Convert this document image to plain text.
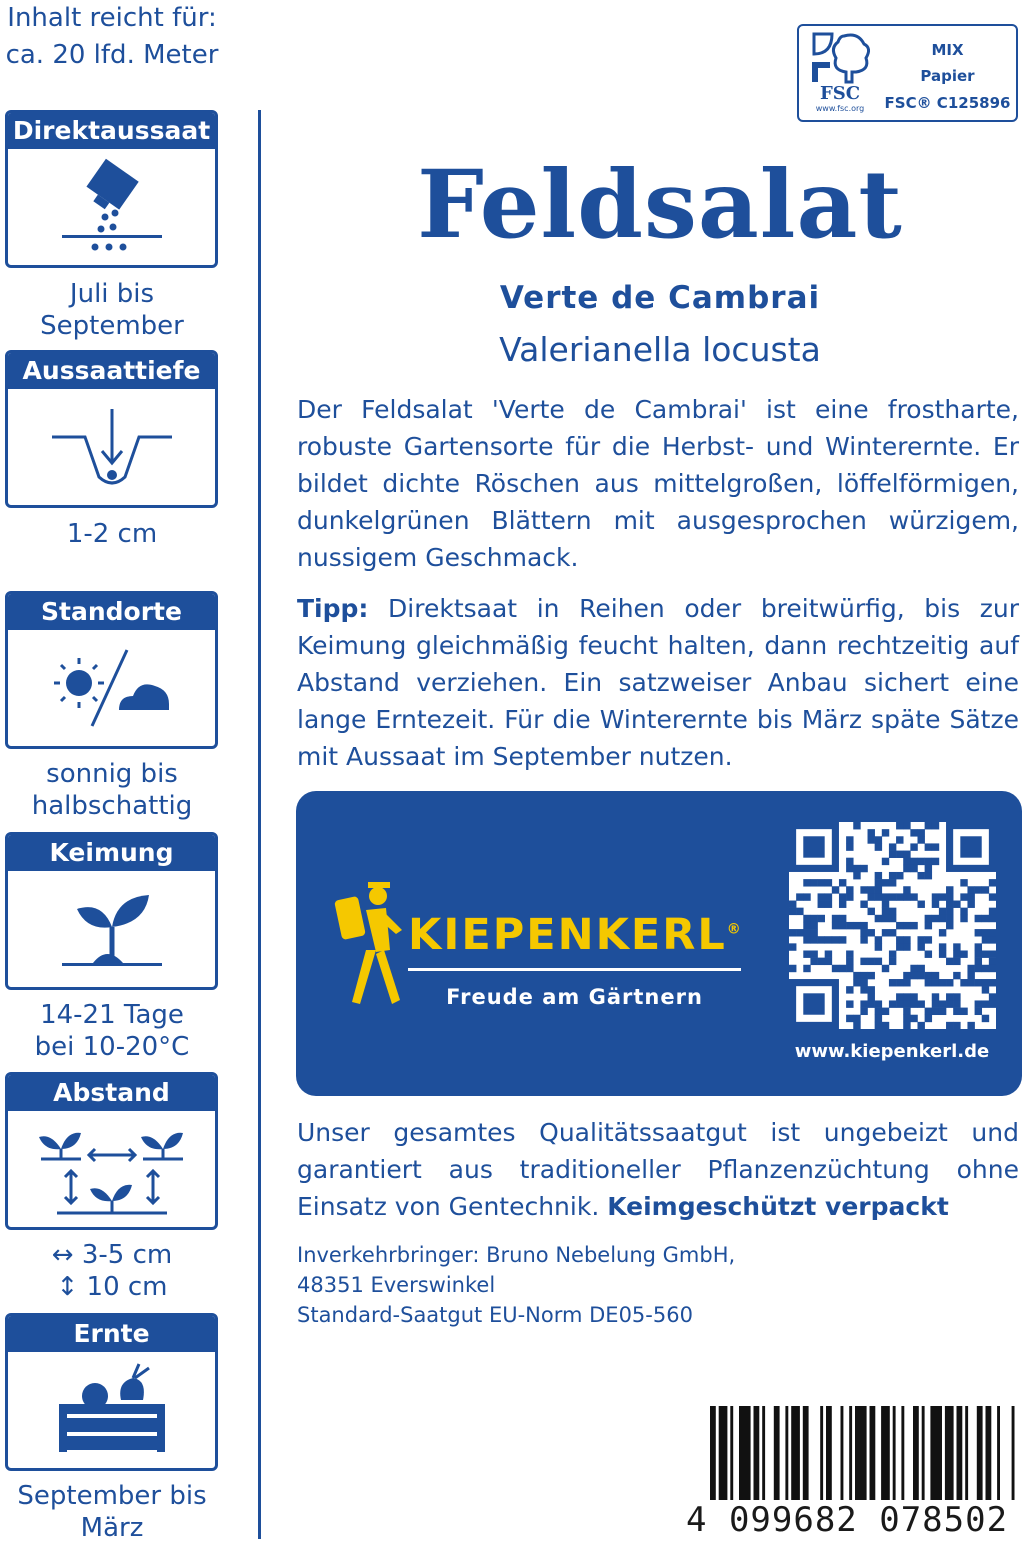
Inhalt reicht für:
ca. 20 lfd. Meter
Direktaussaat
Juli bis
September
Aussaattiefe
1-2 cm
Standorte
sonnig bis
halbschattig
Keimung
14-21 Tage
bei 10-20°C
Abstand
↔ 3-5 cm
↕ 10 cm
Ernte
September bis
März
FSC
www.fsc.org
MIX
Papier
FSC® C125896
Feldsalat
Verte de Cambrai
Valerianella locusta
Der Feldsalat 'Verte de Cambrai' ist eine frostharte, robuste Gartensorte für die Herbst- und Winterernte. Er bildet dichte Röschen aus mittelgroßen, löffelförmigen, dunkelgrünen Blättern mit ausgesprochen würzigem, nussigem Geschmack.
Tipp: Direktsaat in Reihen oder breitwürfig, bis zur Keimung gleichmäßig feucht halten, dann rechtzeitig auf Abstand verziehen. Ein satzweiser Anbau sichert eine lange Erntezeit. Für die Winterernte bis März späte Sätze mit Aussaat im September nutzen.
KIEPENKERL®
Freude am Gärtnern
www.kiepenkerl.de
Unser gesamtes Qualitätssaatgut ist ungebeizt und garantiert aus traditioneller Pflanzenzüchtung ohne Einsatz von Gentechnik. Keimgeschützt verpackt
Inverkehrbringer: Bruno Nebelung GmbH,
48351 Everswinkel
Standard-Saatgut EU-Norm DE05-560
4 099682 078502
